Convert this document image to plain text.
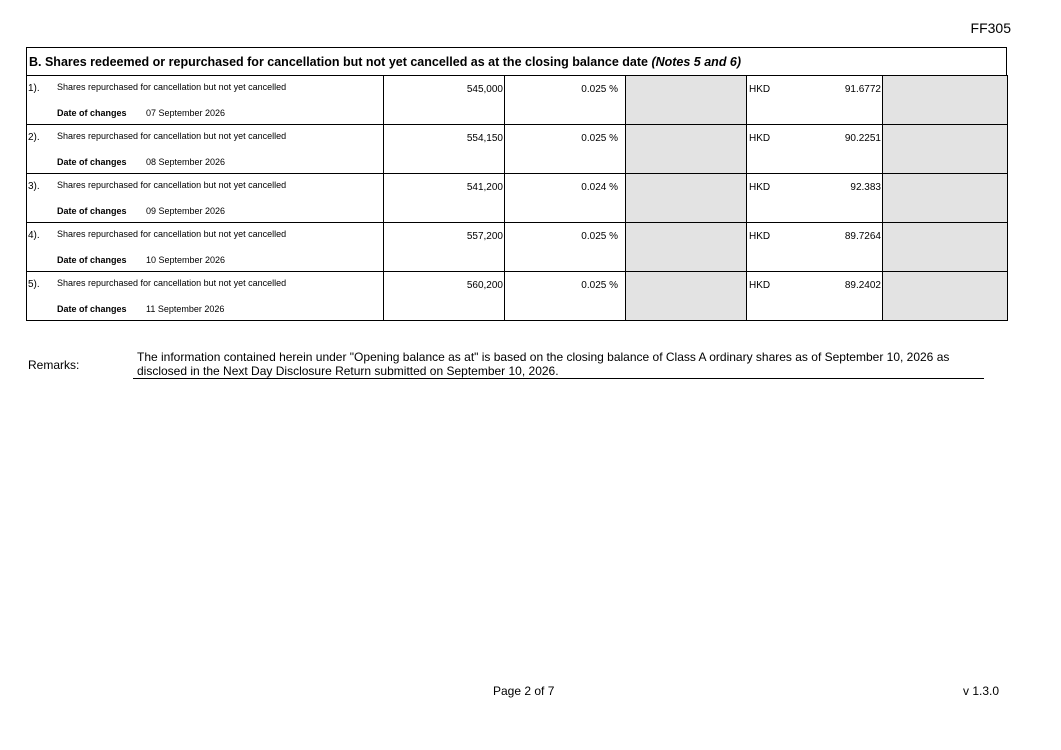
FF305
B. Shares redeemed or repurchased for cancellation but not yet cancelled as at the closing balance date (Notes 5 and 6)
1). Shares repurchased for cancellation but not yet cancelled
Date of changes 07 September 2026	545,000	0.025 %		HKD 91.6772	

2). Shares repurchased for cancellation but not yet cancelled
Date of changes 08 September 2026	554,150	0.025 %		HKD 90.2251	

3). Shares repurchased for cancellation but not yet cancelled
Date of changes 09 September 2026	541,200	0.024 %		HKD 92.383	

4). Shares repurchased for cancellation but not yet cancelled
Date of changes 10 September 2026	557,200	0.025 %		HKD 89.7264	

5). Shares repurchased for cancellation but not yet cancelled
Date of changes 11 September 2026	560,200	0.025 %		HKD 89.2402	

Remarks:
The information contained herein under "Opening balance as at" is based on the closing balance of Class A ordinary shares as of September 10, 2026 as disclosed in the Next Day Disclosure Return submitted on September 10, 2026.
Page 2 of 7	v 1.3.0
